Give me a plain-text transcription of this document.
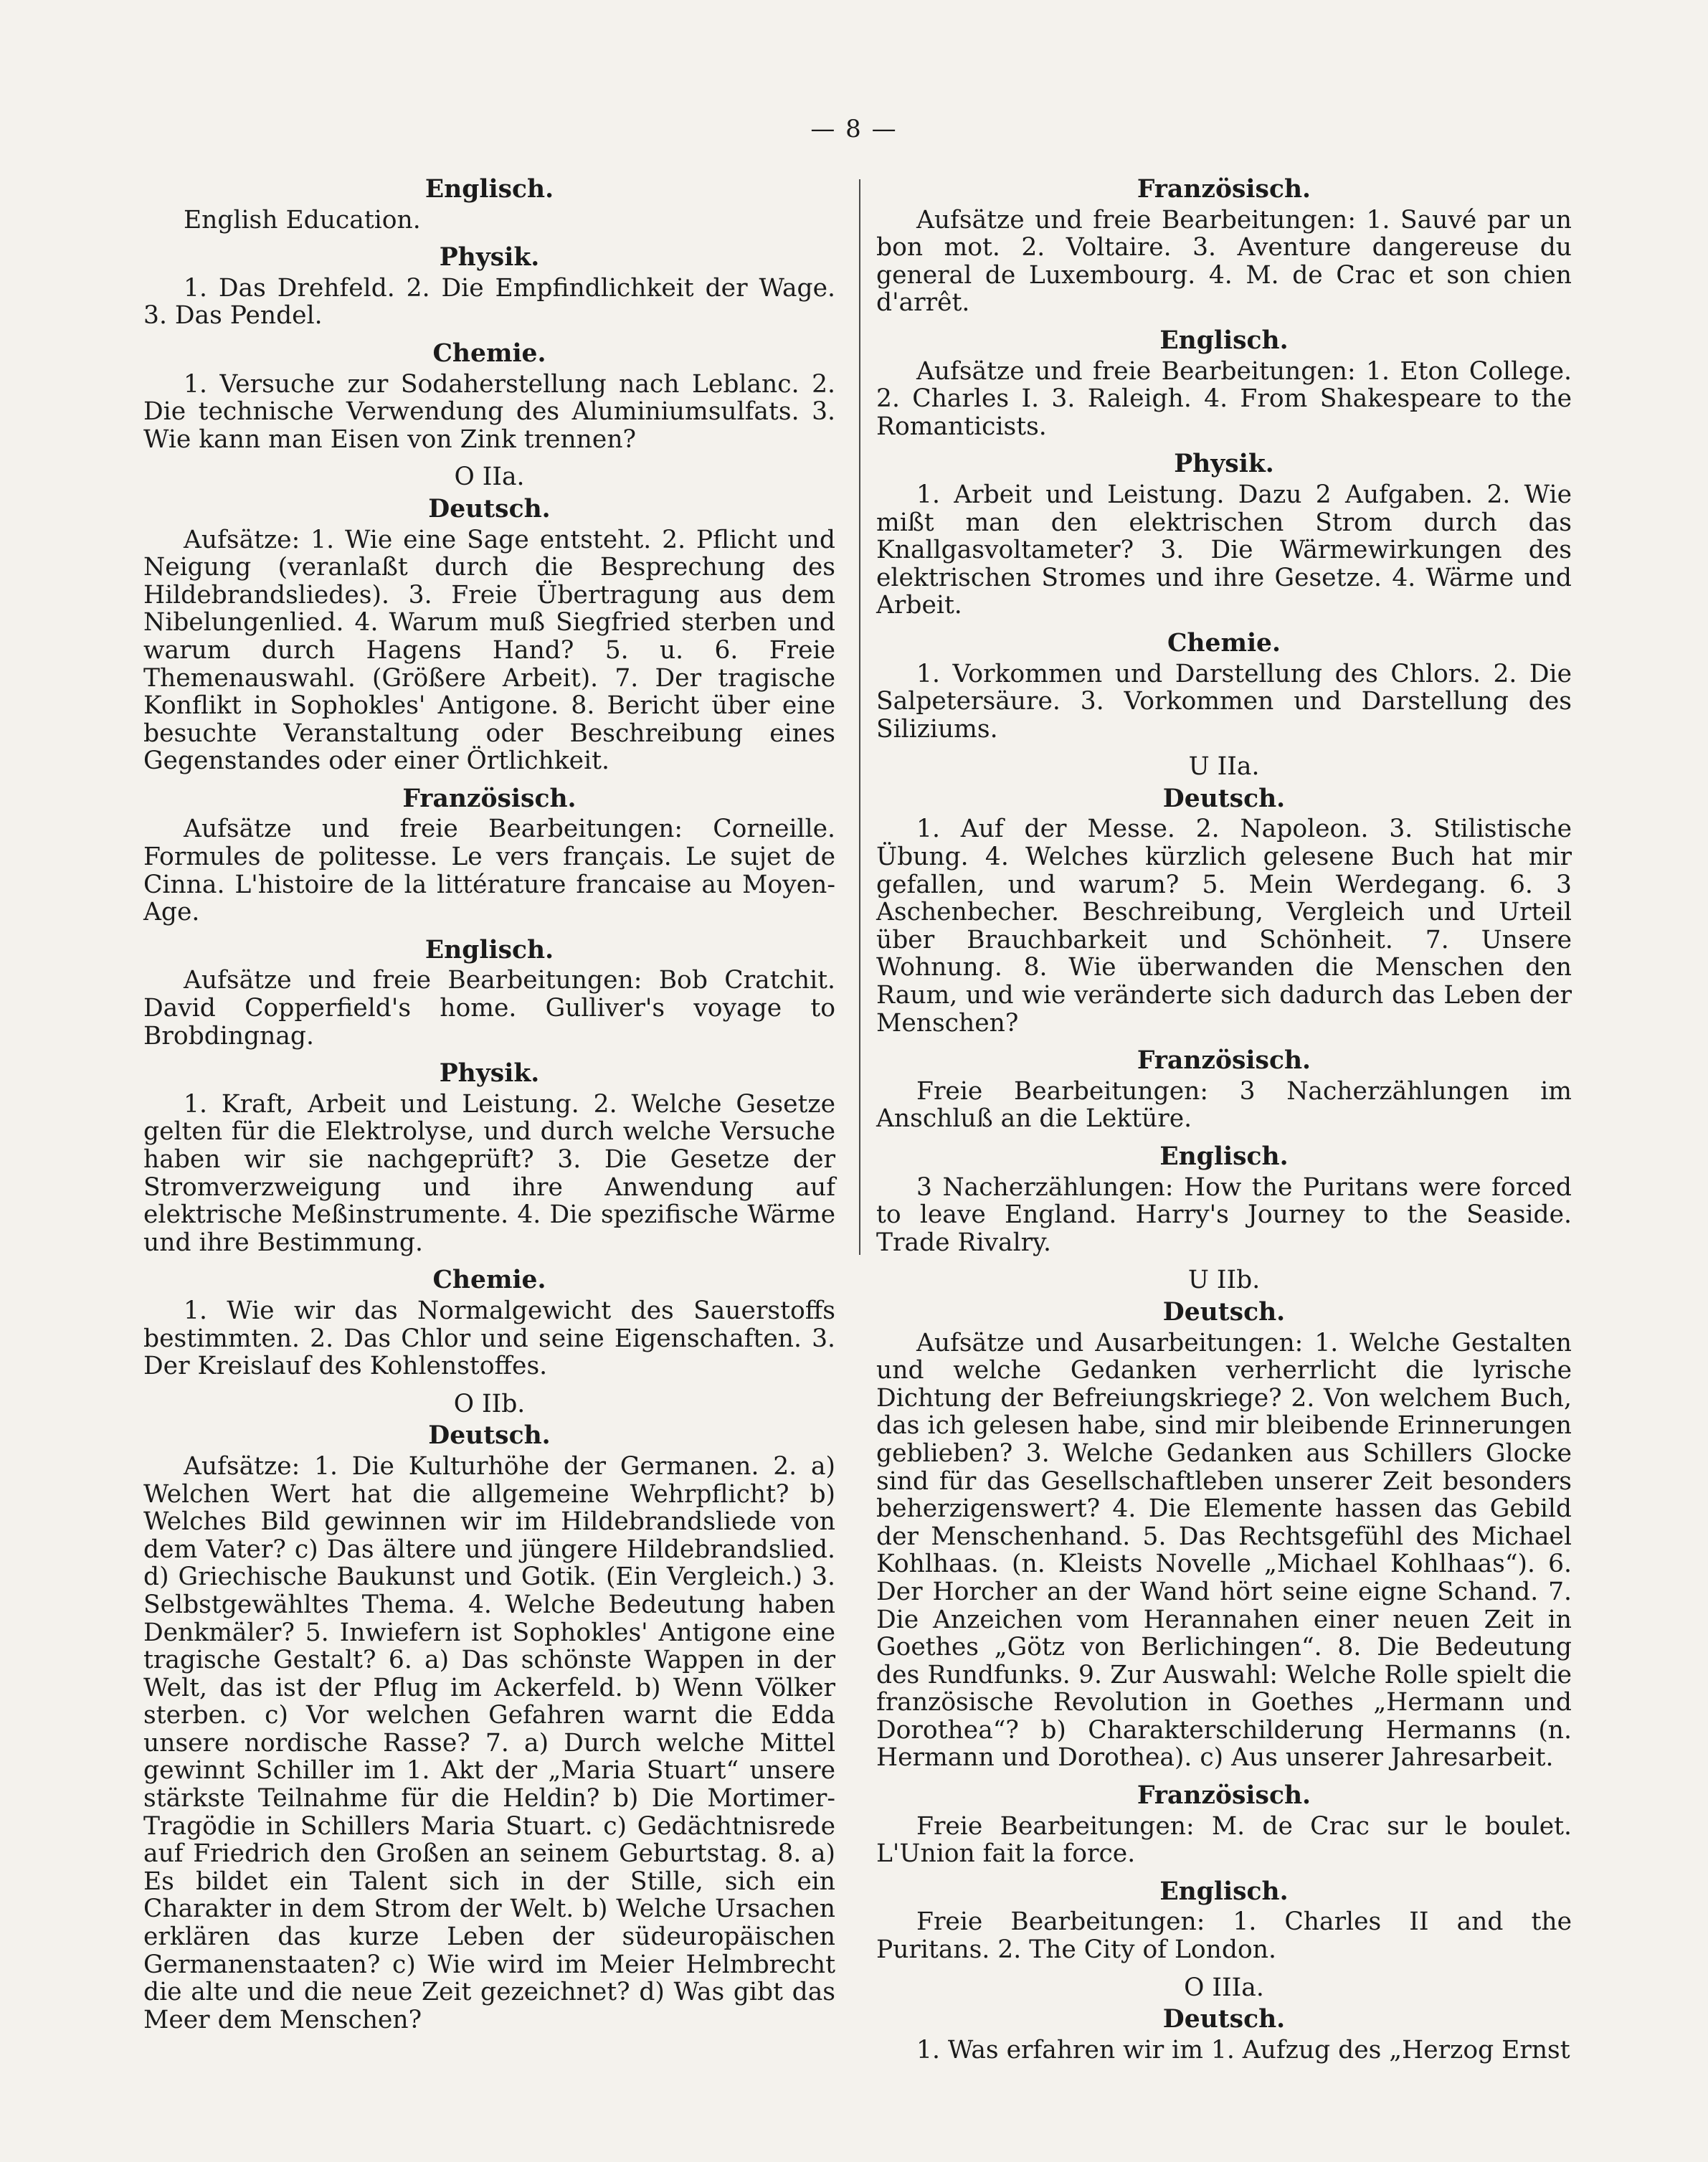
— 8 —
Englisch.
English Education.
Physik.
1. Das Drehfeld. 2. Die Empfindlichkeit der Wage. 3. Das Pendel.
Chemie.
1. Versuche zur Sodaherstellung nach Leblanc. 2. Die technische Verwendung des Aluminiumsulfats. 3. Wie kann man Eisen von Zink trennen?
O IIa.
Deutsch.
Aufsätze: 1. Wie eine Sage entsteht. 2. Pflicht und Neigung (veranlaßt durch die Besprechung des Hildebrandsliedes). 3. Freie Übertragung aus dem Nibelungenlied. 4. Warum muß Siegfried sterben und warum durch Hagens Hand? 5. u. 6. Freie Themenauswahl. (Größere Arbeit). 7. Der tragische Konflikt in Sophokles' Antigone. 8. Bericht über eine besuchte Veranstaltung oder Beschreibung eines Gegenstandes oder einer Örtlichkeit.
Französisch.
Aufsätze und freie Bearbeitungen: Corneille. Formules de politesse. Le vers français. Le sujet de Cinna. L'histoire de la littérature francaise au Moyen-Age.
Englisch.
Aufsätze und freie Bearbeitungen: Bob Cratchit. David Copperfield's home. Gulliver's voyage to Brobdingnag.
Physik.
1. Kraft, Arbeit und Leistung. 2. Welche Gesetze gelten für die Elektrolyse, und durch welche Versuche haben wir sie nachgeprüft? 3. Die Gesetze der Stromverzweigung und ihre Anwendung auf elektrische Meßinstrumente. 4. Die spezifische Wärme und ihre Bestimmung.
Chemie.
1. Wie wir das Normalgewicht des Sauerstoffs bestimmten. 2. Das Chlor und seine Eigenschaften. 3. Der Kreislauf des Kohlenstoffes.
O IIb.
Deutsch.
Aufsätze: 1. Die Kulturhöhe der Germanen. 2. a) Welchen Wert hat die allgemeine Wehrpflicht? b) Welches Bild gewinnen wir im Hildebrandsliede von dem Vater? c) Das ältere und jüngere Hildebrandslied. d) Griechische Baukunst und Gotik. (Ein Vergleich.) 3. Selbstgewähltes Thema. 4. Welche Bedeutung haben Denkmäler? 5. Inwiefern ist Sophokles' Antigone eine tragische Gestalt? 6. a) Das schönste Wappen in der Welt, das ist der Pflug im Ackerfeld. b) Wenn Völker sterben. c) Vor welchen Gefahren warnt die Edda unsere nordische Rasse? 7. a) Durch welche Mittel gewinnt Schiller im 1. Akt der „Maria Stuart“ unsere stärkste Teilnahme für die Heldin? b) Die Mortimer-Tragödie in Schillers Maria Stuart. c) Gedächtnisrede auf Friedrich den Großen an seinem Geburtstag. 8. a) Es bildet ein Talent sich in der Stille, sich ein Charakter in dem Strom der Welt. b) Welche Ursachen erklären das kurze Leben der südeuropäischen Germanenstaaten? c) Wie wird im Meier Helmbrecht die alte und die neue Zeit gezeichnet? d) Was gibt das Meer dem Menschen?
Französisch.
Aufsätze und freie Bearbeitungen: 1. Sauvé par un bon mot. 2. Voltaire. 3. Aventure dangereuse du general de Luxembourg. 4. M. de Crac et son chien d'arrêt.
Englisch.
Aufsätze und freie Bearbeitungen: 1. Eton College. 2. Charles I. 3. Raleigh. 4. From Shakespeare to the Romanticists.
Physik.
1. Arbeit und Leistung. Dazu 2 Aufgaben. 2. Wie mißt man den elektrischen Strom durch das Knallgasvoltameter? 3. Die Wärmewirkungen des elektrischen Stromes und ihre Gesetze. 4. Wärme und Arbeit.
Chemie.
1. Vorkommen und Darstellung des Chlors. 2. Die Salpetersäure. 3. Vorkommen und Darstellung des Siliziums.
U IIa.
Deutsch.
1. Auf der Messe. 2. Napoleon. 3. Stilistische Übung. 4. Welches kürzlich gelesene Buch hat mir gefallen, und warum? 5. Mein Werdegang. 6. 3 Aschenbecher. Beschreibung, Vergleich und Urteil über Brauchbarkeit und Schönheit. 7. Unsere Wohnung. 8. Wie überwanden die Menschen den Raum, und wie veränderte sich dadurch das Leben der Menschen?
Französisch.
Freie Bearbeitungen: 3 Nacherzählungen im Anschluß an die Lektüre.
Englisch.
3 Nacherzählungen: How the Puritans were forced to leave England. Harry's Journey to the Seaside. Trade Rivalry.
U IIb.
Deutsch.
Aufsätze und Ausarbeitungen: 1. Welche Gestalten und welche Gedanken verherrlicht die lyrische Dichtung der Befreiungskriege? 2. Von welchem Buch, das ich gelesen habe, sind mir bleibende Erinnerungen geblieben? 3. Welche Gedanken aus Schillers Glocke sind für das Gesellschaftleben unserer Zeit besonders beherzigenswert? 4. Die Elemente hassen das Gebild der Menschenhand. 5. Das Rechtsgefühl des Michael Kohlhaas. (n. Kleists Novelle „Michael Kohlhaas“). 6. Der Horcher an der Wand hört seine eigne Schand. 7. Die Anzeichen vom Herannahen einer neuen Zeit in Goethes „Götz von Berlichingen“. 8. Die Bedeutung des Rundfunks. 9. Zur Auswahl: Welche Rolle spielt die französische Revolution in Goethes „Hermann und Dorothea“? b) Charakterschilderung Hermanns (n. Hermann und Dorothea). c) Aus unserer Jahresarbeit.
Französisch.
Freie Bearbeitungen: M. de Crac sur le boulet. L'Union fait la force.
Englisch.
Freie Bearbeitungen: 1. Charles II and the Puritans. 2. The City of London.
O IIIa.
Deutsch.
1. Was erfahren wir im 1. Aufzug des „Herzog Ernst
